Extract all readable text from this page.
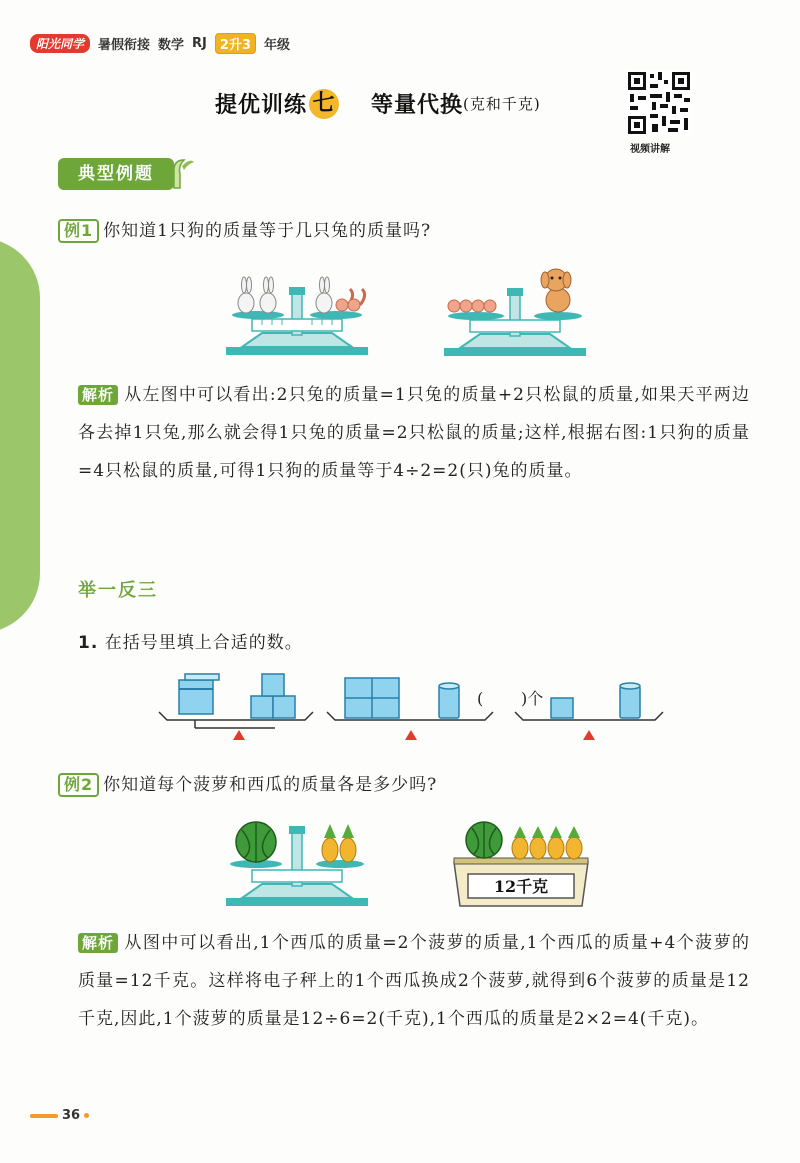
阳光同学	暑假衔接 数学 RJ	2升3	年级
提优训练 七 等量代换 (克和千克)
视频讲解
典型例题
例1 你知道1只狗的质量等于几只兔的质量吗?
解析 从左图中可以看出:2只兔的质量=1只兔的质量+2只松鼠的质量,如果天平两边各去掉1只兔,那么就会得1只兔的质量=2只松鼠的质量;这样,根据右图:1只狗的质量=4只松鼠的质量,可得1只狗的质量等于4÷2=2(只)兔的质量。
举一反三
1. 在括号里填上合适的数。
( )个
例2 你知道每个菠萝和西瓜的质量各是多少吗?
12千克
解析 从图中可以看出,1个西瓜的质量=2个菠萝的质量,1个西瓜的质量+4个菠萝的质量=12千克。这样将电子秤上的1个西瓜换成2个菠萝,就得到6个菠萝的质量是12千克,因此,1个菠萝的质量是12÷6=2(千克),1个西瓜的质量是2×2=4(千克)。
36
